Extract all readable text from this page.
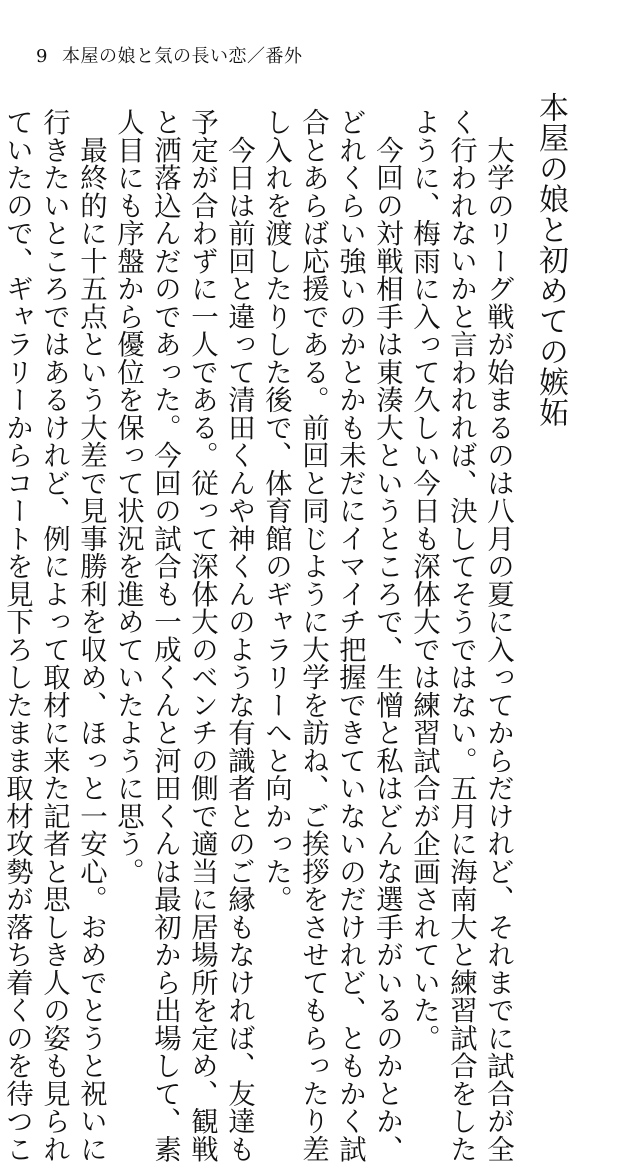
9 本屋の娘と気の長い恋／番外
本屋の娘と初めての嫉妬
　大学のリーグ戦が始まるのは八月の夏に入ってからだけれど、それまでに試合が全
く行われないかと言われれば、決してそうではない。五月に海南大と練習試合をした
ように、梅雨に入って久しい今日も深体大では練習試合が企画されていた。
　今回の対戦相手は東湊大というところで、生憎と私はどんな選手がいるのかとか、
どれくらい強いのかとかも未だにイマイチ把握できていないのだけれど、ともかく試
合とあらば応援である。前回と同じように大学を訪ね、ご挨拶をさせてもらったり差
し入れを渡したりした後で、体育館のギャラリーへと向かった。
　今日は前回と違って清田くんや神くんのような有識者とのご縁もなければ、友達も
予定が合わずに一人である。従って深体大のベンチの側で適当に居場所を定め、観戦
と洒落込んだのであった。今回の試合も一成くんと河田くんは最初から出場して、素
人目にも序盤から優位を保って状況を進めていたように思う。
　最終的に十五点という大差で見事勝利を収め、ほっと一安心。おめでとうと祝いに
行きたいところではあるけれど、例によって取材に来た記者と思しき人の姿も見られ
ていたので、ギャラリーからコートを見下ろしたまま取材攻勢が落ち着くのを待つこ
